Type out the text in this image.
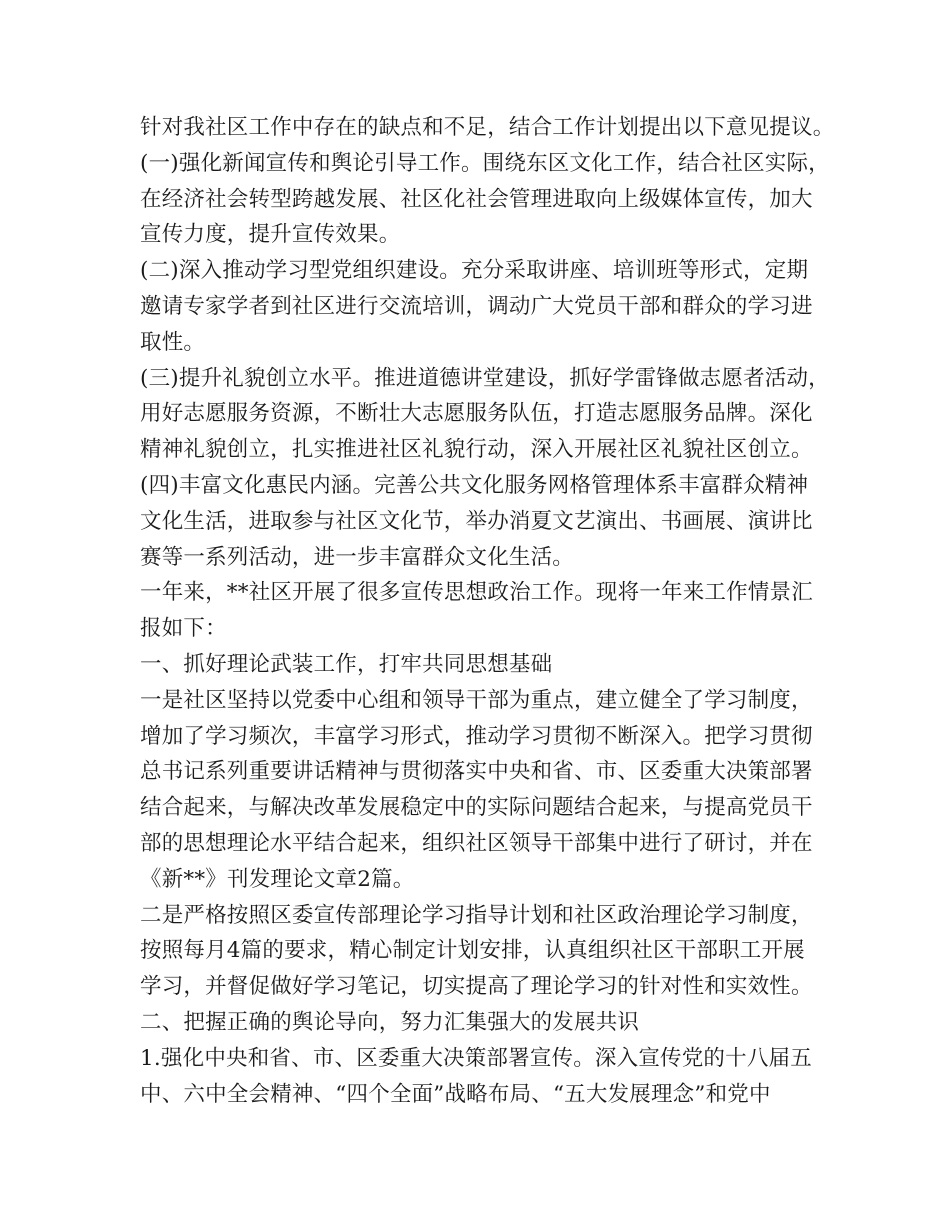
针对我社区工作中存在的缺点和不足，结合工作计划提出以下意见提议。
(一)强化新闻宣传和舆论引导工作。围绕东区文化工作，结合社区实际，
在经济社会转型跨越发展、社区化社会管理进取向上级媒体宣传，加大
宣传力度，提升宣传效果。
(二)深入推动学习型党组织建设。充分采取讲座、培训班等形式，定期
邀请专家学者到社区进行交流培训，调动广大党员干部和群众的学习进
取性。
(三)提升礼貌创立水平。推进道德讲堂建设，抓好学雷锋做志愿者活动，
用好志愿服务资源，不断壮大志愿服务队伍，打造志愿服务品牌。深化
精神礼貌创立，扎实推进社区礼貌行动，深入开展社区礼貌社区创立。
(四)丰富文化惠民内涵。完善公共文化服务网格管理体系丰富群众精神
文化生活，进取参与社区文化节，举办消夏文艺演出、书画展、演讲比
赛等一系列活动，进一步丰富群众文化生活。
一年来，**社区开展了很多宣传思想政治工作。现将一年来工作情景汇
报如下：
一、抓好理论武装工作，打牢共同思想基础
一是社区坚持以党委中心组和领导干部为重点，建立健全了学习制度，
增加了学习频次，丰富学习形式，推动学习贯彻不断深入。把学习贯彻
总书记系列重要讲话精神与贯彻落实中央和省、市、区委重大决策部署
结合起来，与解决改革发展稳定中的实际问题结合起来，与提高党员干
部的思想理论水平结合起来，组织社区领导干部集中进行了研讨，并在
《新**》刊发理论文章2篇。
二是严格按照区委宣传部理论学习指导计划和社区政治理论学习制度，
按照每月4篇的要求，精心制定计划安排，认真组织社区干部职工开展
学习，并督促做好学习笔记，切实提高了理论学习的针对性和实效性。
二、把握正确的舆论导向，努力汇集强大的发展共识
1.强化中央和省、市、区委重大决策部署宣传。深入宣传党的十八届五
中、六中全会精神、“四个全面”战略布局、“五大发展理念”和党中
